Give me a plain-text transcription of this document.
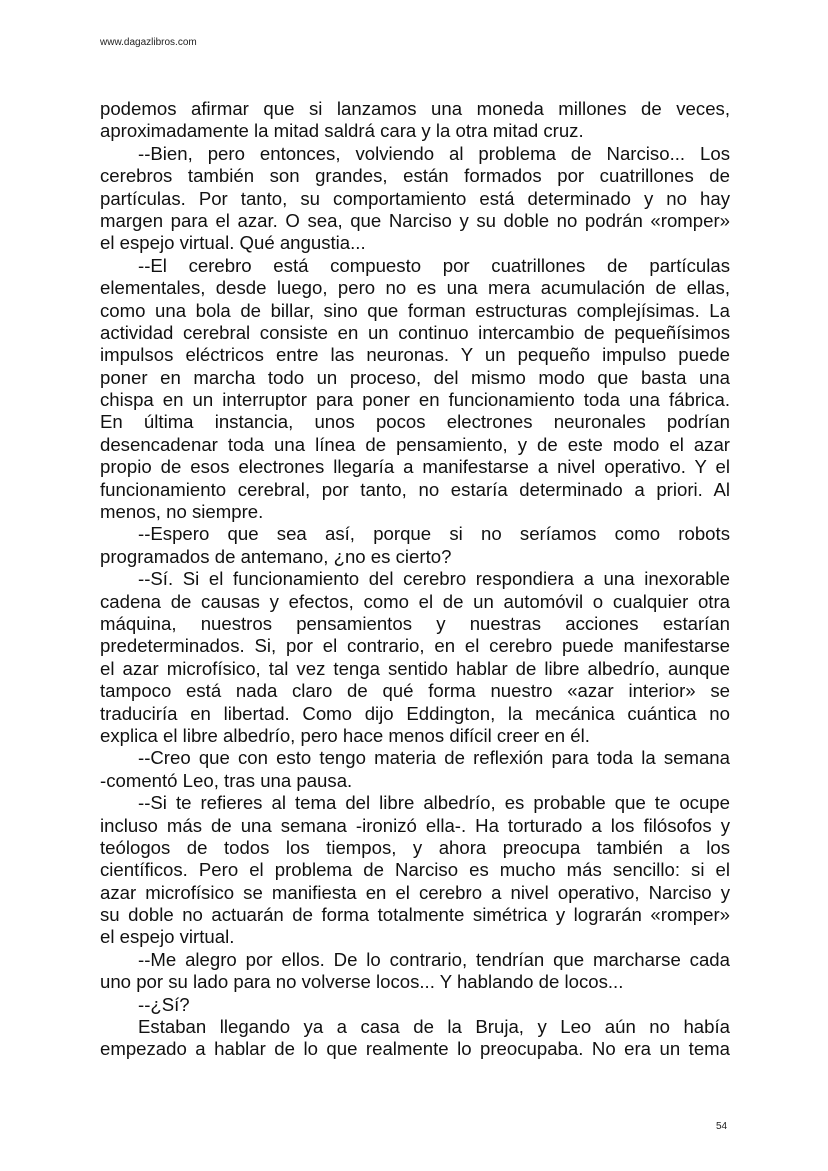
www.dagazlibros.com
podemos afirmar que si lanzamos una moneda millones de veces,
aproximadamente la mitad saldrá cara y la otra mitad cruz.
--Bien, pero entonces, volviendo al problema de Narciso... Los
cerebros también son grandes, están formados por cuatrillones de
partículas. Por tanto, su comportamiento está determinado y no hay
margen para el azar. O sea, que Narciso y su doble no podrán «romper»
el espejo virtual. Qué angustia...
--El cerebro está compuesto por cuatrillones de partículas
elementales, desde luego, pero no es una mera acumulación de ellas,
como una bola de billar, sino que forman estructuras complejísimas. La
actividad cerebral consiste en un continuo intercambio de pequeñísimos
impulsos eléctricos entre las neuronas. Y un pequeño impulso puede
poner en marcha todo un proceso, del mismo modo que basta una
chispa en un interruptor para poner en funcionamiento toda una fábrica.
En última instancia, unos pocos electrones neuronales podrían
desencadenar toda una línea de pensamiento, y de este modo el azar
propio de esos electrones llegaría a manifestarse a nivel operativo. Y el
funcionamiento cerebral, por tanto, no estaría determinado a priori. Al
menos, no siempre.
--Espero que sea así, porque si no seríamos como robots
programados de antemano, ¿no es cierto?
--Sí. Si el funcionamiento del cerebro respondiera a una inexorable
cadena de causas y efectos, como el de un automóvil o cualquier otra
máquina, nuestros pensamientos y nuestras acciones estarían
predeterminados. Si, por el contrario, en el cerebro puede manifestarse
el azar microfísico, tal vez tenga sentido hablar de libre albedrío, aunque
tampoco está nada claro de qué forma nuestro «azar interior» se
traduciría en libertad. Como dijo Eddington, la mecánica cuántica no
explica el libre albedrío, pero hace menos difícil creer en él.
--Creo que con esto tengo materia de reflexión para toda la semana
-comentó Leo, tras una pausa.
--Si te refieres al tema del libre albedrío, es probable que te ocupe
incluso más de una semana -ironizó ella-. Ha torturado a los filósofos y
teólogos de todos los tiempos, y ahora preocupa también a los
científicos. Pero el problema de Narciso es mucho más sencillo: si el
azar microfísico se manifiesta en el cerebro a nivel operativo, Narciso y
su doble no actuarán de forma totalmente simétrica y lograrán «romper»
el espejo virtual.
--Me alegro por ellos. De lo contrario, tendrían que marcharse cada
uno por su lado para no volverse locos... Y hablando de locos...
--¿Sí?
Estaban llegando ya a casa de la Bruja, y Leo aún no había
empezado a hablar de lo que realmente lo preocupaba. No era un tema
54
